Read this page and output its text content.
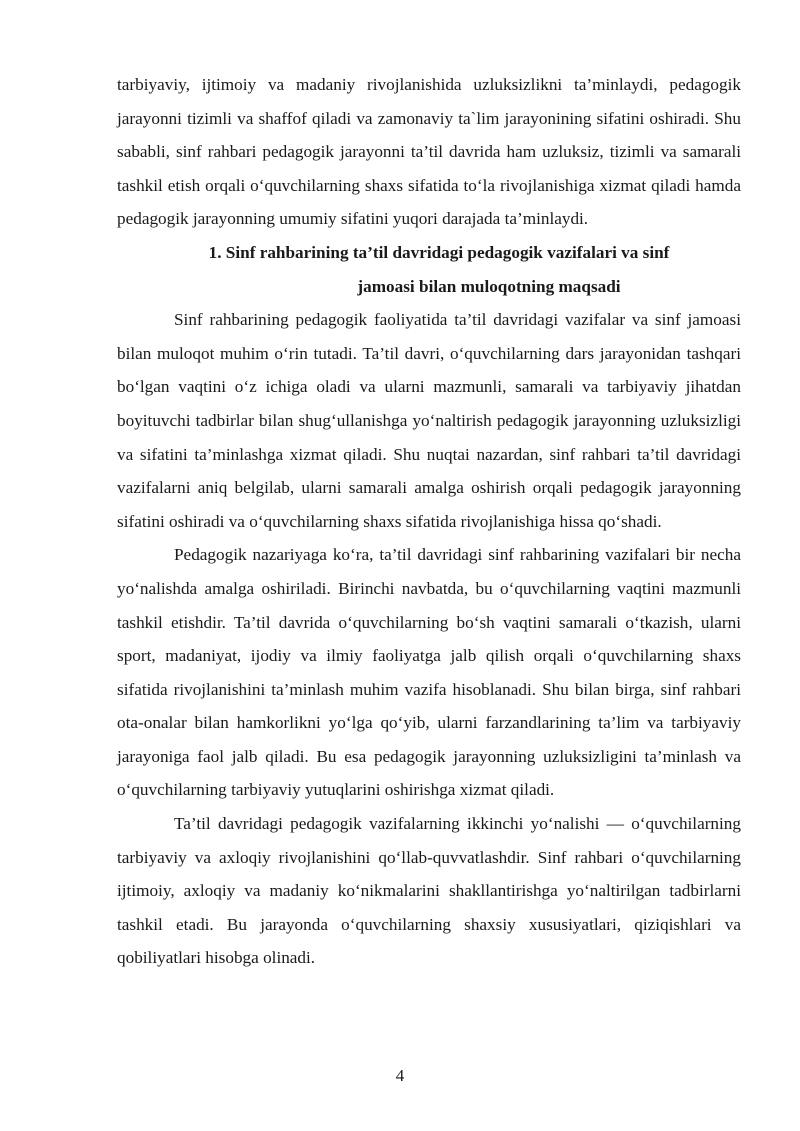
tarbiyaviy, ijtimoiy va madaniy rivojlanishida uzluksizlikni ta’minlaydi, pedagogik jarayonni tizimli va shaffof qiladi va zamonaviy ta`lim jarayonining sifatini oshiradi. Shu sababli, sinf rahbari pedagogik jarayonni ta’til davrida ham uzluksiz, tizimli va samarali tashkil etish orqali o‘quvchilarning shaxs sifatida to‘la rivojlanishiga xizmat qiladi hamda pedagogik jarayonning umumiy sifatini yuqori darajada ta’minlaydi.

1. Sinf rahbarining ta’til davridagi pedagogik vazifalari va sinf
jamoasi bilan muloqotning maqsadi

Sinf rahbarining pedagogik faoliyatida ta’til davridagi vazifalar va sinf jamoasi bilan muloqot muhim o‘rin tutadi. Ta’til davri, o‘quvchilarning dars jarayonidan tashqari bo‘lgan vaqtini o‘z ichiga oladi va ularni mazmunli, samarali va tarbiyaviy jihatdan boyituvchi tadbirlar bilan shug‘ullanishga yo‘naltirish pedagogik jarayonning uzluksizligi va sifatini ta’minlashga xizmat qiladi. Shu nuqtai nazardan, sinf rahbari ta’til davridagi vazifalarni aniq belgilab, ularni samarali amalga oshirish orqali pedagogik jarayonning sifatini oshiradi va o‘quvchilarning shaxs sifatida rivojlanishiga hissa qo‘shadi.

Pedagogik nazariyaga ko‘ra, ta’til davridagi sinf rahbarining vazifalari bir necha yo‘nalishda amalga oshiriladi. Birinchi navbatda, bu o‘quvchilarning vaqtini mazmunli tashkil etishdir. Ta’til davrida o‘quvchilarning bo‘sh vaqtini samarali o‘tkazish, ularni sport, madaniyat, ijodiy va ilmiy faoliyatga jalb qilish orqali o‘quvchilarning shaxs sifatida rivojlanishini ta’minlash muhim vazifa hisoblanadi. Shu bilan birga, sinf rahbari ota-onalar bilan hamkorlikni yo‘lga qo‘yib, ularni farzandlarining ta’lim va tarbiyaviy jarayoniga faol jalb qiladi. Bu esa pedagogik jarayonning uzluksizligini ta’minlash va o‘quvchilarning tarbiyaviy yutuqlarini oshirishga xizmat qiladi.

Ta’til davridagi pedagogik vazifalarning ikkinchi yo‘nalishi — o‘quvchilarning tarbiyaviy va axloqiy rivojlanishini qo‘llab-quvvatlashdir. Sinf rahbari o‘quvchilarning ijtimoiy, axloqiy va madaniy ko‘nikmalarini shakllantirishga yo‘naltirilgan tadbirlarni tashkil etadi. Bu jarayonda o‘quvchilarning shaxsiy xususiyatlari, qiziqishlari va qobiliyatlari hisobga olinadi.

4
